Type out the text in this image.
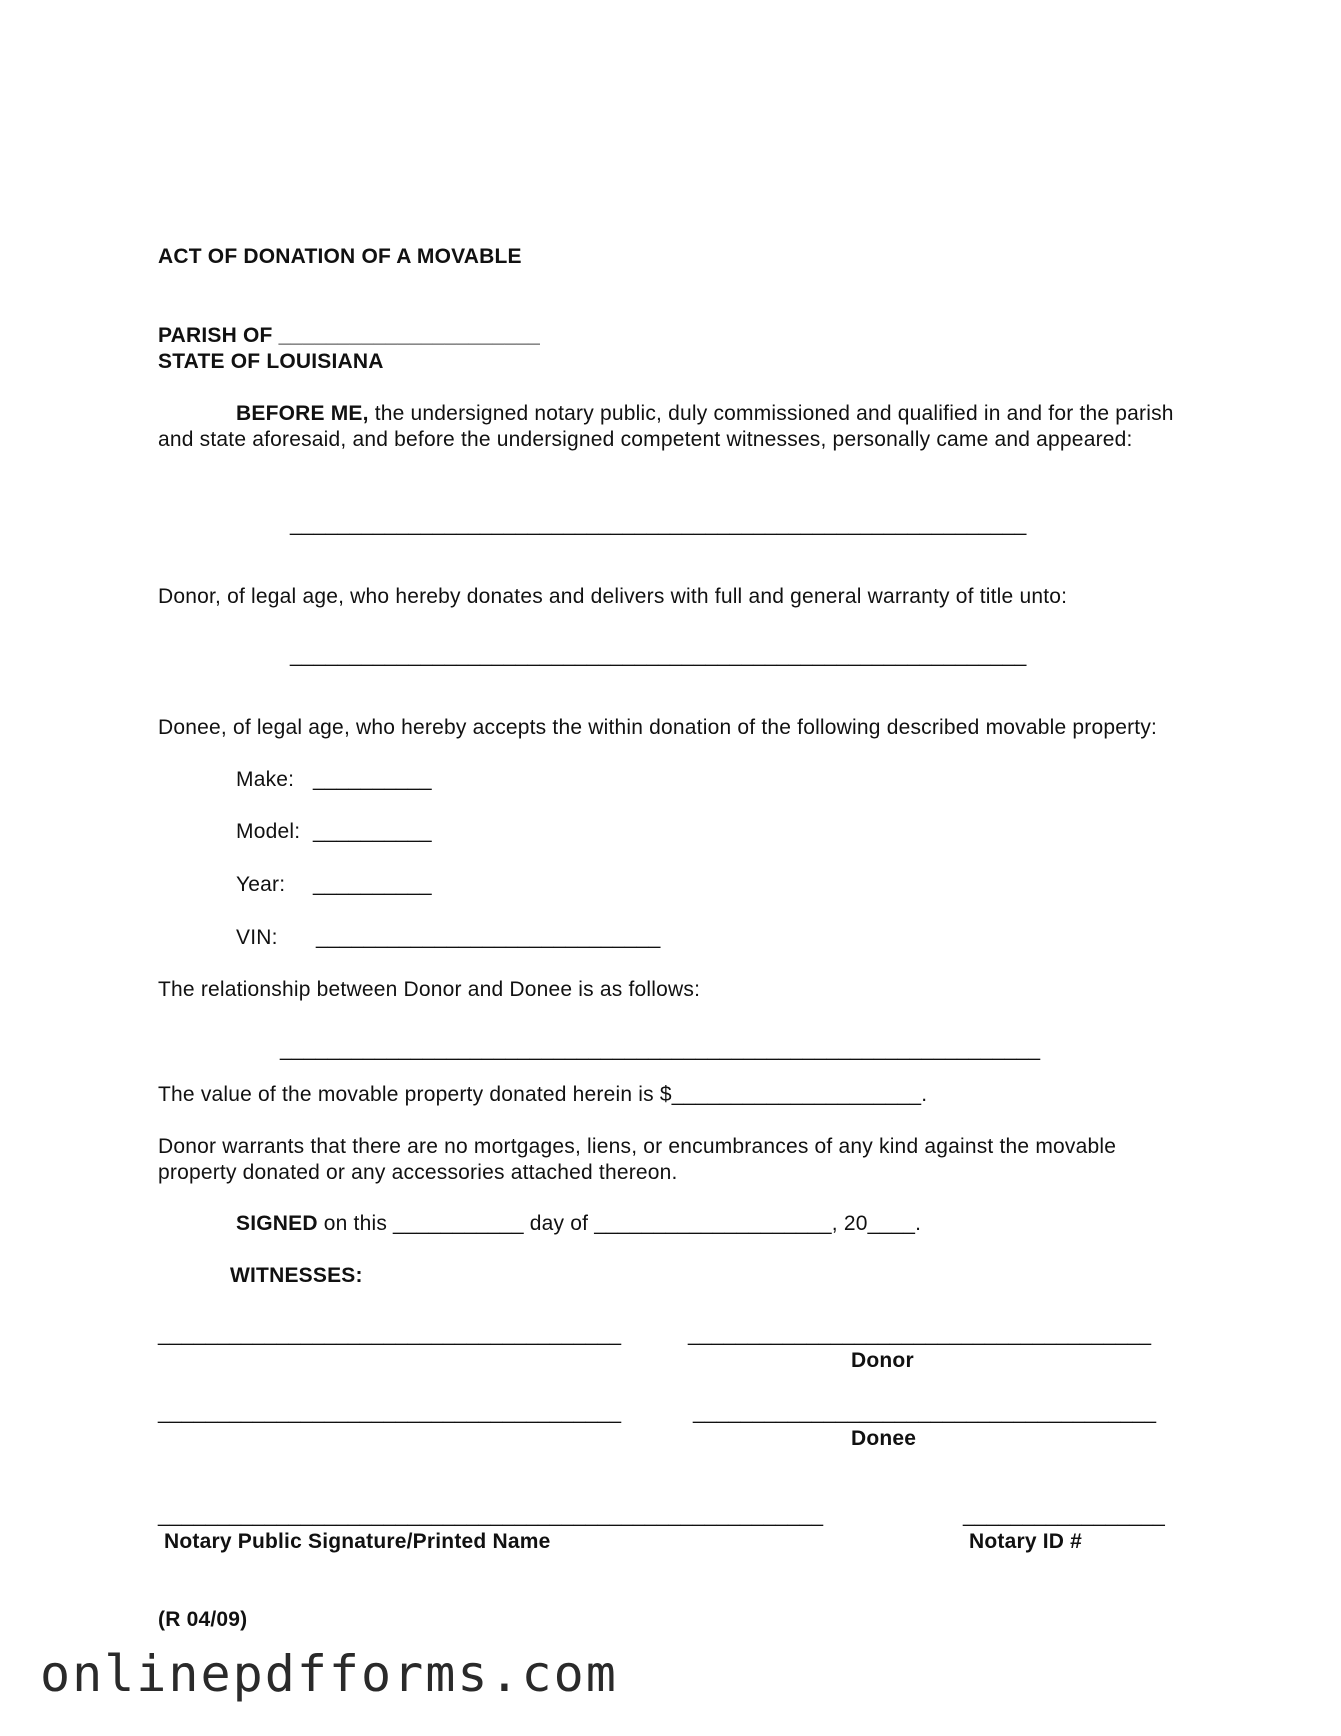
ACT OF DONATION OF A MOVABLE
PARISH OF ______________________
STATE OF LOUISIANA
BEFORE ME, the undersigned notary public, duly commissioned and qualified in and for the parish and state aforesaid, and before the undersigned competent witnesses, personally came and appeared:
______________________________________________________________
Donor, of legal age, who hereby donates and delivers with full and general warranty of title unto:
______________________________________________________________
Donee, of legal age, who hereby accepts the within donation of the following described movable property:
Make: __________
Model: __________
Year: __________
VIN: _____________________________
The relationship between Donor and Donee is as follows:
________________________________________________________________
The value of the movable property donated herein is $_____________________.
Donor warrants that there are no mortgages, liens, or encumbrances of any kind against the movable property donated or any accessories attached thereon.
SIGNED on this ___________ day of ____________________, 20____.
WITNESSES:
_______________________________________	_______________________________________
Donor
_______________________________________	_______________________________________
Donee
________________________________________________________
Notary Public Signature/Printed Name
_________________
Notary ID #
(R 04/09)
onlinepdfforms.com
